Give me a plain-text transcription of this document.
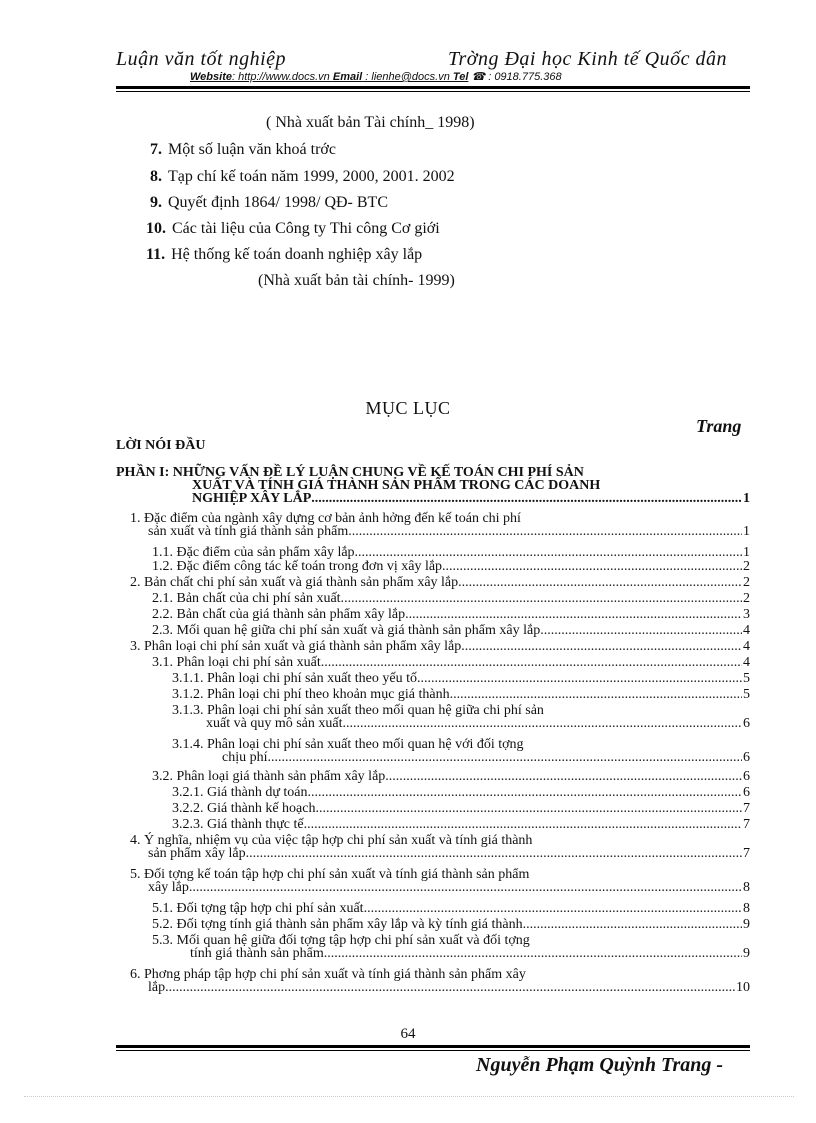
Luận văn tốt nghiệp	Trờng Đại học Kinh tế Quốc dân
Website: http://www.docs.vn Email : lienhe@docs.vn Tel ☎ : 0918.775.368
( Nhà xuất bản Tài chính_ 1998)
7. Một số luận văn khoá trớc
8. Tạp chí kế toán năm 1999, 2000, 2001. 2002
9. Quyết định 1864/ 1998/ QĐ- BTC
10. Các tài liệu của Công ty Thi công Cơ giới
11. Hệ thống kế toán doanh nghiệp xây lắp
(Nhà xuất bản tài chính- 1999)
MỤC LỤC
Trang
LỜI NÓI ĐẦU
PHẦN I: NHỮNG VẤN ĐỀ LÝ LUẬN CHUNG VỀ KẾ TOÁN CHI PHÍ SẢN
XUẤT VÀ TÍNH GIÁ THÀNH SẢN PHẨM TRONG CÁC DOANH
NGHIỆP XÂY LẮP .....	1
1. Đặc điểm của ngành xây dựng cơ bản ảnh hởng đến kế toán chi phí
sản xuất và tính giá thành sản phẩm. .....	1
1.1. Đặc điểm của sản phẩm xây lắp. .....	1
1.2. Đặc điểm công tác kế toán trong đơn vị xây lắp. .....	2
2. Bản chất chi phí sản xuất và giá thành sản phẩm xây lắp. .....	2
2.1. Bản chất của chi phí sản xuất. .....	2
2.2. Bản chất của giá thành sản phẩm xây lắp. .....	3
2.3. Mối quan hệ giữa chi phí sản xuất và giá thành sản phẩm xây lắp. .....	4
3. Phân loại chi phí sản xuất và giá thành sản phẩm xây lắp. .....	4
3.1. Phân loại chi phí sản xuất. .....	4
3.1.1. Phân loại chi phí sản xuất theo yếu tố. .....	5
3.1.2. Phân loại chi phí theo khoản mục giá thành. .....	5
3.1.3. Phân loại chi phí sản xuất theo mối quan hệ giữa chi phí sản
xuất và quy mô sản xuất. .....	6
3.1.4. Phân loại chi phí sản xuất theo mối quan hệ với đối tợng
chịu phí .....	6
3.2. Phân loại giá thành sản phẩm xây lắp. .....	6
3.2.1. Giá thành dự toán .....	6
3.2.2. Giá thành kế hoạch. .....	7
3.2.3. Giá thành thực tế .....	7
4. Ý nghĩa, nhiệm vụ của việc tập hợp chi phí sản xuất và tính giá thành
sản phẩm xây lắp. .....	7
5. Đối tợng kế toán tập hợp chi phí sản xuất và tính giá thành sản phẩm
xây lắp. .....	8
5.1. Đối tợng tập hợp chi phí sản xuất .....	8
5.2. Đối tợng tính giá thành sản phẩm xây lắp và kỳ tính giá thành. .....	9
5.3. Mối quan hệ giữa đối tợng tập hợp chi phí sản xuất và đối tợng
tính giá thành sản phẩm. .....	9
6. Phơng pháp tập hợp chi phí sản xuất và tính giá thành sản phẩm xây
lắp. .....	10
64
Nguyễn Phạm Quỳnh Trang -
